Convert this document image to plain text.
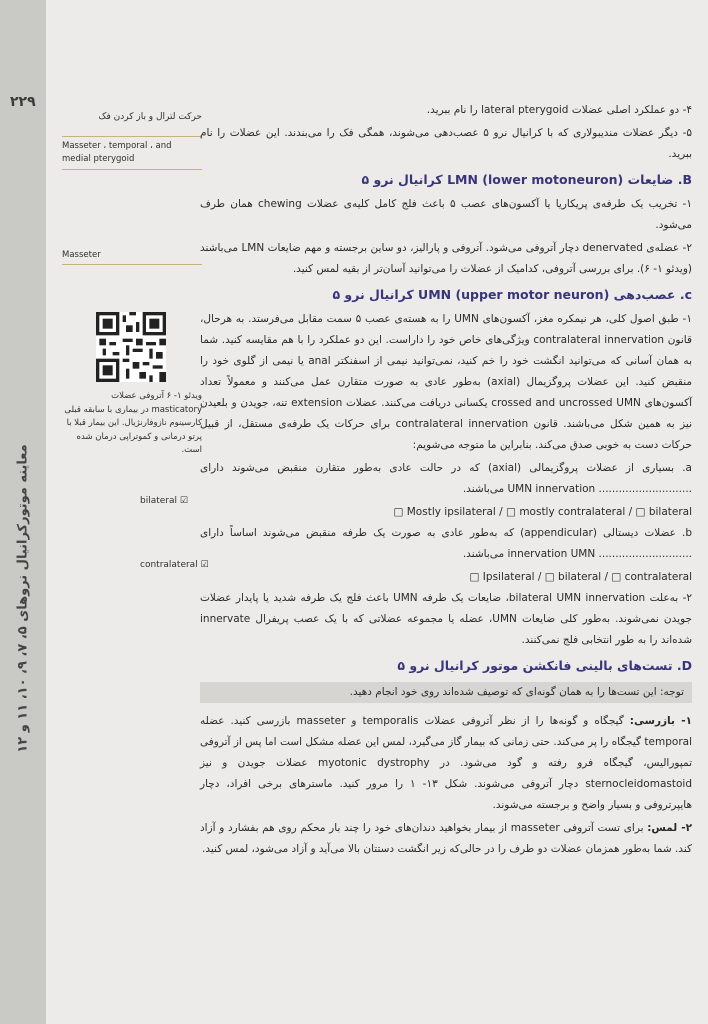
معاینه موتورکرانیال نرو‌های ۵، ۷، ۹، ۱۰، ۱۱ و ۱۲
۲۲۹
حرکت لترال و باز کردن فک
Masseter ، temporal ، and medial pterygoid
Masseter
ویدئو ۱- ۶ آتروفی عضلات masticatory در بیماری با سابقه قبلی کارسینوم نازوفارنژیال. این بیمار قبلا با پرتو درمانی و کموتراپی درمان شده است.
bilateral ☑
contralateral ☑

۴- دو عملکرد اصلی عضلات lateral pterygoid را نام ببرید.

۵- دیگر عضلات مندیبولاری که با کرانیال نرو ۵ عصب‌دهی می‌شوند، همگی فک را می‌بندند. این عضلات را نام ببرید.

B. ضایعات LMN (lower motoneuron) کرانیال نرو ۵

۱- تخریب یک طرفه‌ی پریکاریا یا آکسون‌های عصب ۵ باعث فلج کامل کلیه‌ی عضلات chewing همان طرف می‌شود.

۲- عضله‌ی denervated دچار آتروفی می‌شود. آتروفی و پارالیز، دو ساین برجسته و مهم ضایعات LMN می‌باشند (ویدئو ۱- ۶). برای بررسی آتروفی، کدامیک از عضلات را می‌توانید آسان‌تر از بقیه لمس کنید.

c. عصب‌دهی UMN (upper motor neuron) کرانیال نرو ۵

۱- طبق اصول کلی، هر نیمکره مغز، آکسون‌های UMN را به هسته‌ی عصب ۵ سمت مقابل می‌فرستد. به هرحال، قانون contralateral innervation ویژگی‌های خاص خود را داراست. این دو عملکرد را با هم مقایسه کنید. شما به همان آسانی که می‌توانید انگشت خود را خم کنید، نمی‌توانید نیمی از اسفنکتر anal یا نیمی از گلوی خود را منقبض کنید. این عضلات پروگزیمال (axial) به‌طور عادی به صورت متقارن عمل می‌کنند و معمولاً تعداد آکسون‌های crossed and uncrossed UMN یکسانی دریافت می‌کنند. عضلات extension تنه، جویدن و بلعیدن نیز به همین شکل می‌باشند. قانون contralateral innervation برای حرکات یک طرفه‌ی مستقل، از قبیل حرکات دست به خوبی صدق می‌کند. بنابراین ما متوجه می‌شویم:

a. بسیاری از عضلات پروگزیمالی (axial) که در حالت عادی به‌طور متقارن منقبض می‌شوند دارای ............................ UMN innervation می‌باشند.

□ Mostly ipsilateral / □ mostly contralateral / □ bilateral

b. عضلات دیستالی (appendicular) که به‌طور عادی به صورت یک طرفه منقبض می‌شوند اساساً دارای ............................ innervation UMN می‌باشند.

□ Ipsilateral / □ bilateral / □ contralateral

۲- به‌علت bilateral UMN innervation، ضایعات یک طرفه UMN باعث فلج یک طرفه شدید یا پایدار عضلات جویدن نمی‌شوند. به‌طور کلی ضایعات UMN، عضله یا مجموعه عضلاتی که با یک عصب پریفرال innervate شده‌اند را به طور انتخابی فلج نمی‌کنند.

D. تست‌های بالینی فانکشن موتور کرانیال نرو ۵
توجه: این تست‌ها را به همان گونه‌ای که توصیف شده‌اند روی خود انجام دهید.

۱- بازرسی: گیجگاه و گونه‌ها را از نظر آتروفی عضلات temporalis و masseter بازرسی کنید. عضله temporal گیجگاه را پر می‌کند. حتی زمانی که بیمار گاز می‌گیرد، لمس این عضله مشکل است اما پس از آتروفی تمپورالیس، گیجگاه فرو رفته و گود می‌شود. در myotonic dystrophy عضلات جویدن و نیز sternocleidomastoid دچار آتروفی می‌شوند. شکل ۱۳- ۱ را مرور کنید. ماسترهای برخی افراد، دچار هایپرتروفی و بسیار واضح و برجسته می‌شوند.

۲- لمس: برای تست آتروفی masseter از بیمار بخواهید دندان‌های خود را چند بار محکم روی هم بفشارد و آزاد کند. شما به‌طور همزمان عضلات دو طرف را در حالی‌که زیر انگشت دستتان بالا می‌آید و آزاد می‌شود، لمس کنید.
